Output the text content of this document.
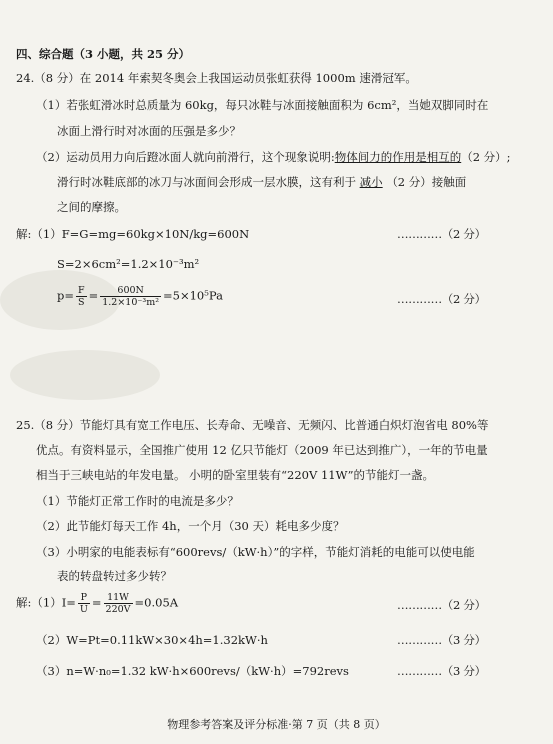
四、综合题（3 小题，共 25 分）
24.（8 分）在 2014 年索契冬奥会上我国运动员张虹获得 1000m 速滑冠军。
（1）若张虹滑冰时总质量为 60kg，每只冰鞋与冰面接触面积为 6cm²，当她双脚同时在
冰面上滑行时对冰面的压强是多少？
（2）运动员用力向后蹬冰面人就向前滑行，这个现象说明:物体间力的作用是相互的（2 分）;
滑行时冰鞋底部的冰刀与冰面间会形成一层水膜，这有利于 减小 （2 分）接触面
之间的摩擦。
解:（1）F=G=mg=60kg×10N/kg=600N	…………（2 分）
S=2×6cm²=1.2×10⁻³m²
$p= \frac{F}{S} = \frac{600N}{\text{1.2×10⁻³m²}} =5\times 10^5Pa$	…………（2 分）
25.（8 分）节能灯具有宽工作电压、长寿命、无噪音、无频闪、比普通白炽灯泡省电 80%等
优点。有资料显示，全国推广使用 12 亿只节能灯（2009 年已达到推广），一年的节电量
相当于三峡电站的年发电量。 小明的卧室里装有“220V 11W”的节能灯一盏。
（1）节能灯正常工作时的电流是多少？
（2）此节能灯每天工作 4h，一个月（30 天）耗电多少度？
（3）小明家的电能表标有“600revs/（kW·h）”的字样，节能灯消耗的电能可以使电能
表的转盘转过多少转？
解:（1）I= $\frac{P}{U} = \frac{11W}{220V} =0.05A$	…………（2 分）
（2）W=Pt=0.11kW×30×4h=1.32kW·h	…………（3 分）
（3）n=W·n₀=1.32 kW·h×600revs/（kW·h）=792revs	…………（3 分）
物理参考答案及评分标准·第 7 页（共 8 页）
